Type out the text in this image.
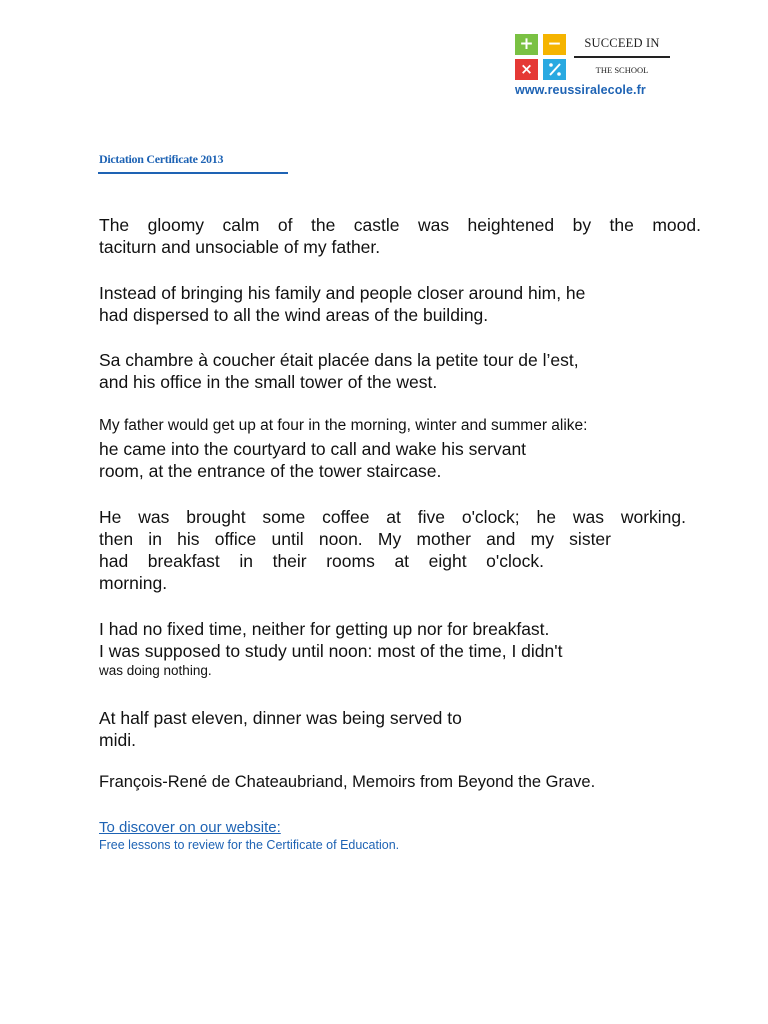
+ −
×
SUCCEED IN
THE SCHOOL
www.reussiralecole.fr
Dictation Certificate 2013
The gloomy calm of the castle was heightened by the mood.
taciturn and unsociable of my father.
Instead of bringing his family and people closer around him, he
had dispersed to all the wind areas of the building.
Sa chambre à coucher était placée dans la petite tour de l’est,
and his office in the small tower of the west.
My father would get up at four in the morning, winter and summer alike:
he came into the courtyard to call and wake his servant
room, at the entrance of the tower staircase.
He was brought some coffee at five o'clock; he was working.
then in his office until noon. My mother and my sister
had breakfast in their rooms at eight o'clock.
morning.
I had no fixed time, neither for getting up nor for breakfast.
I was supposed to study until noon: most of the time, I didn't
was doing nothing.
At half past eleven, dinner was being served to
midi.
François-René de Chateaubriand, Memoirs from Beyond the Grave.
To discover on our website:
Free lessons to review for the Certificate of Education.
